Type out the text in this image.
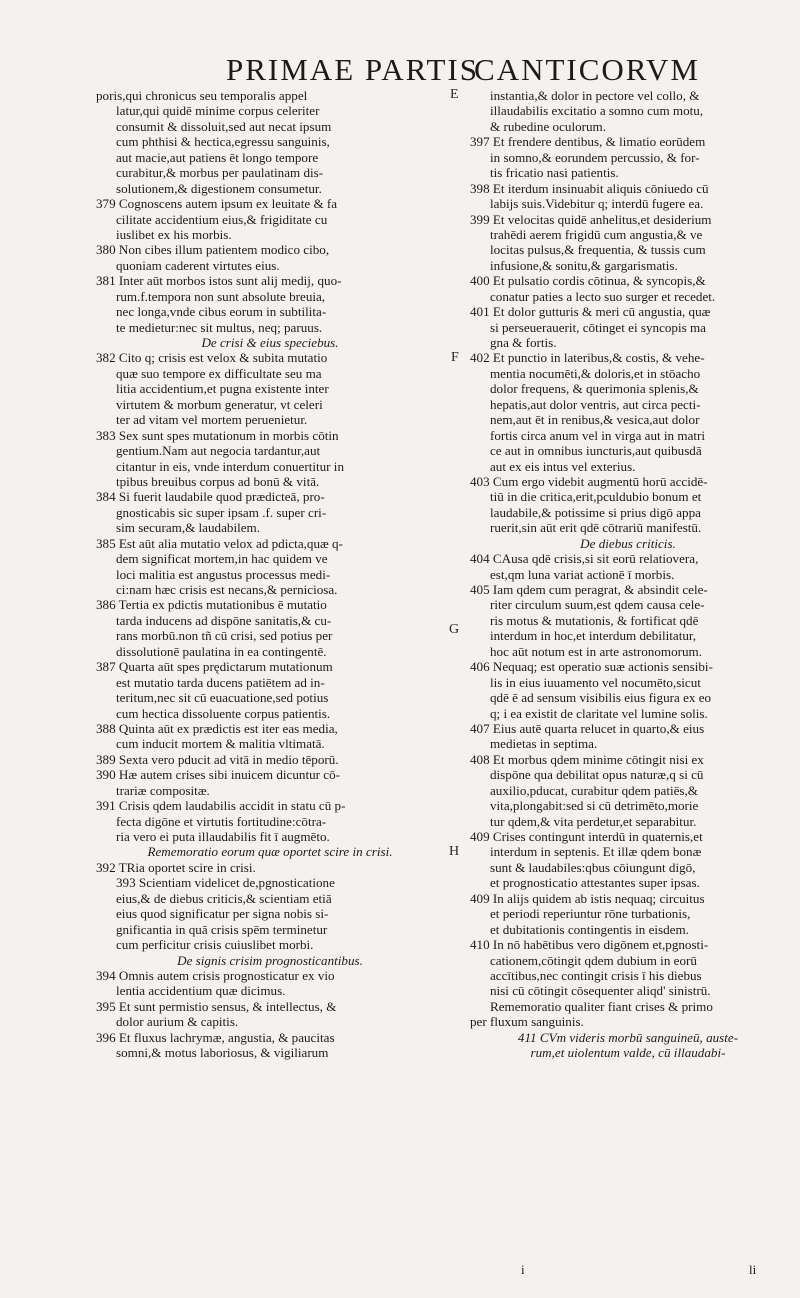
PRIMAE PARTIS
CANTICORVM
E
F
G
H
poris,qui chronicus seu temporalis appel
latur,qui quidē minime corpus celeriter
consumit & dissoluit,sed aut necat ipsum
cum phthisi & hectica,egressu sanguinis,
aut macie,aut patiens ēt longo tempore
curabitur,& morbus per paulatinam dis-
solutionem,& digestionem consumetur.
379 Cognoscens autem ipsum ex leuitate & fa
cilitate accidentium eius,& frigiditate cu
iuslibet ex his morbis.
380 Non cibes illum patientem modico cibo,
quoniam caderent virtutes eius.
381 Inter aūt morbos istos sunt alij medij, quo-
rum.f.tempora non sunt absolute breuia,
nec longa,vnde cibus eorum in subtilita-
te medietur:nec sit multus, neq; paruus.
De crisi & eius speciebus.
382 Cito q; crisis est velox & subita mutatio
quæ suo tempore ex difficultate seu ma
litia accidentium,et pugna existente inter
virtutem & morbum generatur, vt celeri
ter ad vitam vel mortem peruenietur.
383 Sex sunt spes mutationum in morbis cōtin
gentium.Nam aut negocia tardantur,aut
citantur in eis, vnde interdum conuertitur in
tpibus breuibus corpus ad bonū & vitā.
384 Si fuerit laudabile quod prædicteā, pro-
gnosticabis sic super ipsam .f. super cri-
sim securam,& laudabilem.
385 Est aūt alia mutatio velox ad pdicta,quæ q-
dem significat mortem,in hac quidem ve
loci malitia est angustus processus medi-
ci:nam hæc crisis est necans,& perniciosa.
386 Tertia ex pdictis mutationibus ē mutatio
tarda inducens ad dispōne sanitatis,& cu-
rans morbū.non tñ cū crisi, sed potius per
dissolutionē paulatina in ea contingentē.
387 Quarta aūt spes prędictarum mutationum
est mutatio tarda ducens patiētem ad in-
teritum,nec sit cū euacuatione,sed potius
cum hectica dissoluente corpus patientis.
388 Quinta aūt ex prædictis est iter eas media,
cum inducit mortem & malitia vltimatā.
389 Sexta vero pducit ad vitā in medio tēporū.
390 Hæ autem crises sibi inuicem dicuntur cō-
trariæ compositæ.
391 Crisis qdem laudabilis accidit in statu cū p-
fecta digōne et virtutis fortitudine:cōtra-
ria vero ei puta illaudabilis fit ī augmēto.
Rememoratio eorum quæ oportet scire in crisi.
392 TRia oportet scire in crisi.
393 Scientiam videlicet de,pgnosticatione
eius,& de diebus criticis,& scientiam etiā
eius quod significatur per signa nobis si-
gnificantia in quā crisis spēm terminetur
cum perficitur crisis cuiuslibet morbi.
De signis crisim prognosticantibus.
394 Omnis autem crisis prognosticatur ex vio
lentia accidentium quæ dicimus.
395 Et sunt permistio sensus, & intellectus, &
dolor aurium & capitis.
396 Et fluxus lachrymæ, angustia, & paucitas
somni,& motus laboriosus, & vigiliarum
instantia,& dolor in pectore vel collo, &
illaudabilis excitatio a somno cum motu,
& rubedine oculorum.
397 Et frendere dentibus, & limatio eorūdem
in somno,& eorundem percussio, & for-
tis fricatio nasi patientis.
398 Et iterdum insinuabit aliquis cōniuedo cū
labijs suis.Videbitur q; interdū fugere ea.
399 Et velocitas quidē anhelitus,et desiderium
trahēdi aerem frigidū cum angustia,& ve
locitas pulsus,& frequentia, & tussis cum
infusione,& sonitu,& gargarismatis.
400 Et pulsatio cordis cōtinua, & syncopis,&
conatur paties a lecto suo surger et recedet.
401 Et dolor gutturis & meri cū angustia, quæ
si perseuerauerit, cōtinget ei syncopis ma
gna & fortis.
402 Et punctio in lateribus,& costis, & vehe-
mentia nocumēti,& doloris,et in stōacho
dolor frequens, & querimonia splenis,&
hepatis,aut dolor ventris, aut circa pecti-
nem,aut ēt in renibus,& vesica,aut dolor
fortis circa anum vel in virga aut in matri
ce aut in omnibus iuncturis,aut quibusdā
aut ex eis intus vel exterius.
403 Cum ergo videbit augmentū horū accidē-
tiū in die critica,erit,pculdubio bonum et
laudabile,& potissime si prius digō appa
ruerit,sin aūt erit qdē cōtrariū manifestū.
De diebus criticis.
404 CAusa qdē crisis,si sit eorū relatiovera,
est,qm luna variat actionē ī morbis.
405 Iam qdem cum peragrat, & absindit cele-
riter circulum suum,est qdem causa cele-
ris motus & mutationis, & fortificat qdē
interdum in hoc,et interdum debilitatur,
hoc aūt notum est in arte astronomorum.
406 Nequaq; est operatio suæ actionis sensibi-
lis in eius iuuamento vel nocumēto,sicut
qdē ē ad sensum visibilis eius figura ex eo
q; i ea existit de claritate vel lumine solis.
407 Eius autē quarta relucet in quarto,& eius
medietas in septima.
408 Et morbus qdem minime cōtingit nisi ex
dispōne qua debilitat opus naturæ,q si cū
auxilio,pducat, curabitur qdem patiēs,&
vita,plongabit:sed si cū detrimēto,morie
tur qdem,& vita perdetur,et separabitur.
409 Crises contingunt interdū in quaternis,et
interdum in septenis. Et illæ qdem bonæ
sunt & laudabiles:qbus cōiungunt digō,
et prognosticatio attestantes super ipsas.
409 In alijs quidem ab istis nequaq; circuitus
et periodi reperiuntur rōne turbationis,
et dubitationis contingentis in eisdem.
410 In nō habētibus vero digōnem et,pgnosti-
cationem,cōtingit qdem dubium in eorū
accītibus,nec contingit crisis ī his diebus
nisi cū cōtingit cōsequenter aliqd' sinistrū.
Rememoratio qualiter fiant crises & primo
per fluxum sanguinis.
411 CVm videris morbū sanguineū, auste-
rum,et uiolentum valde, cū illaudabi-
i	li
